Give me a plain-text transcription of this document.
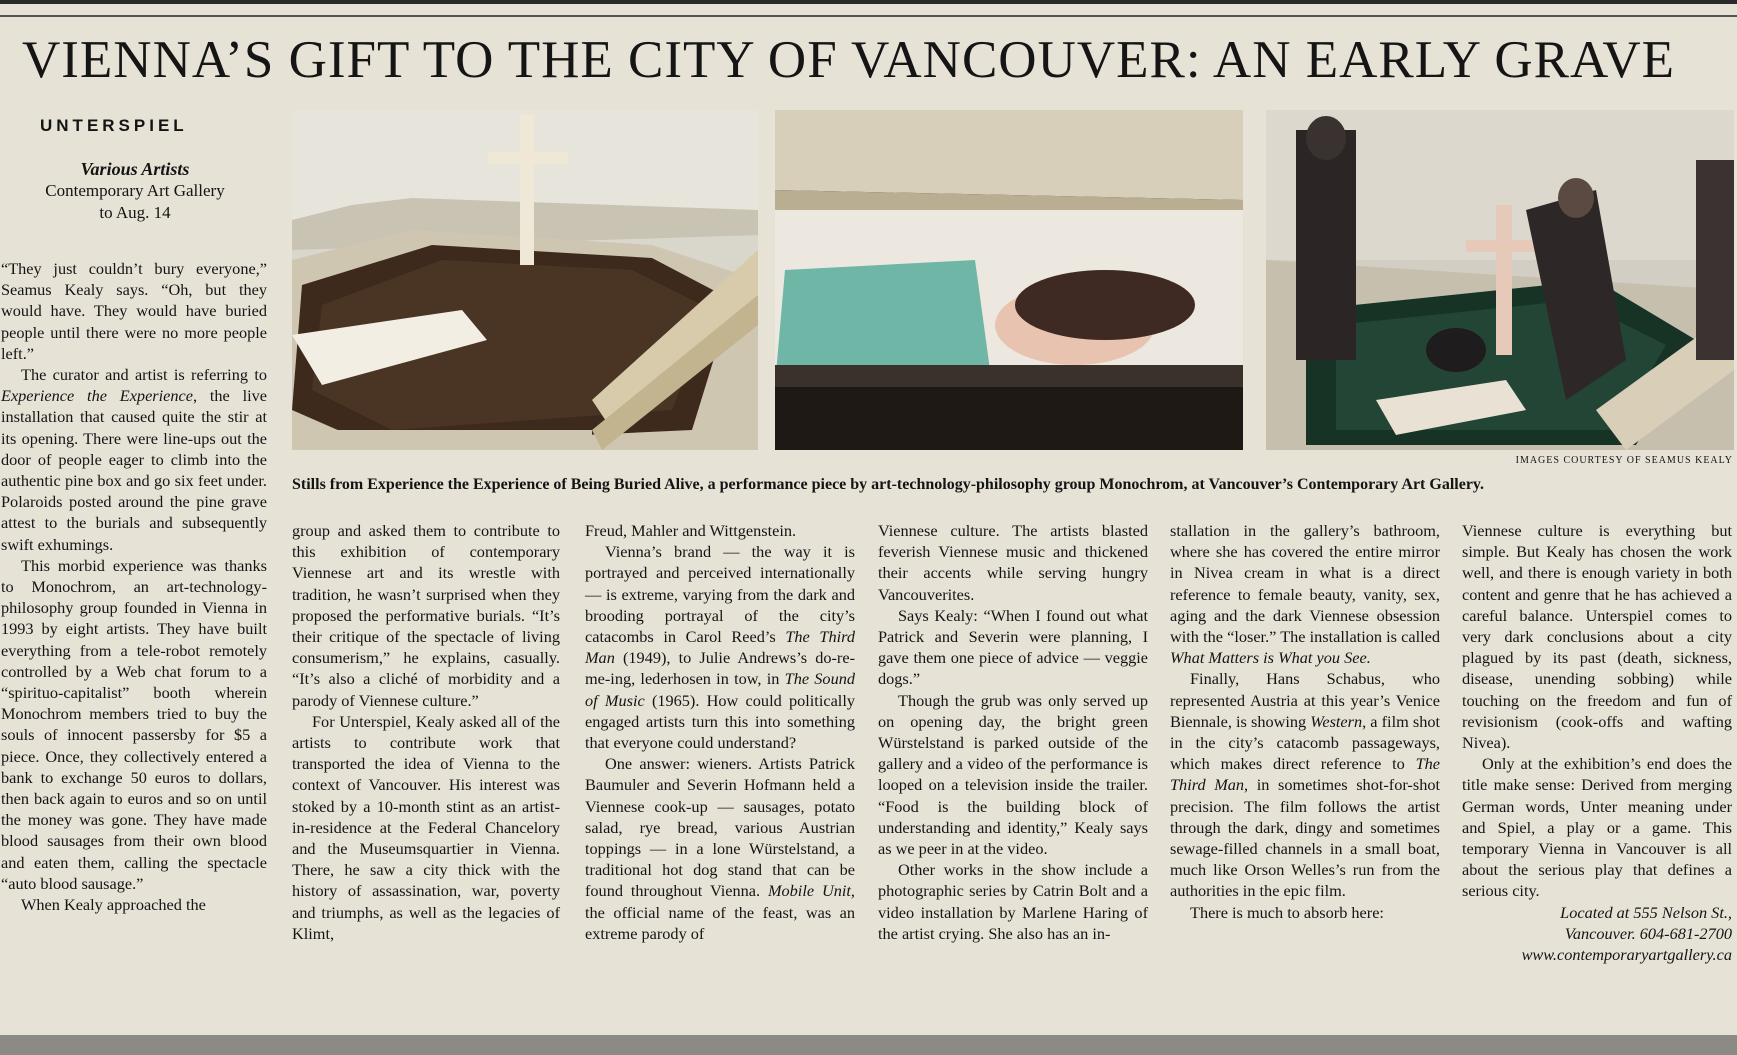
VIENNA’S GIFT TO THE CITY OF VANCOUVER: AN EARLY GRAVE
UNTERSPIEL
Various Artists
Contemporary Art Gallery
to Aug. 14
IMAGES COURTESY OF SEAMUS KEALY
Stills from Experience the Experience of Being Buried Alive, a performance piece by art-technology-philosophy group Monochrom, at Vancouver’s Contemporary Art Gallery.

“They just couldn’t bury everyone,” Seamus Kealy says. “Oh, but they would have. They would have buried people until there were no more people left.”

The curator and artist is referring to Experience the Experience, the live installation that caused quite the stir at its opening. There were line-ups out the door of people eager to climb into the authentic pine box and go six feet under. Polaroids posted around the pine grave attest to the burials and subsequently swift exhumings.

This morbid experience was thanks to Monochrom, an art-technology-philosophy group founded in Vienna in 1993 by eight artists. They have built everything from a tele-robot remotely controlled by a Web chat forum to a “spirituo-capitalist” booth wherein Monochrom members tried to buy the souls of innocent passersby for $5 a piece. Once, they collectively entered a bank to exchange 50 euros to dollars, then back again to euros and so on until the money was gone. They have made blood sausages from their own blood and eaten them, calling the spectacle “auto blood sausage.”

When Kealy approached the

group and asked them to contribute to this exhibition of contemporary Viennese art and its wrestle with tradition, he wasn’t surprised when they proposed the performative burials. “It’s their critique of the spectacle of living consumerism,” he explains, casually. “It’s also a cliché of morbidity and a parody of Viennese culture.”

For Unterspiel, Kealy asked all of the artists to contribute work that transported the idea of Vienna to the context of Vancouver. His interest was stoked by a 10-month stint as an artist-in-residence at the Federal Chancelory and the Museumsquartier in Vienna. There, he saw a city thick with the history of assassination, war, poverty and triumphs, as well as the legacies of Klimt,

Freud, Mahler and Wittgenstein.

Vienna’s brand — the way it is portrayed and perceived internationally — is extreme, varying from the dark and brooding portrayal of the city’s catacombs in Carol Reed’s The Third Man (1949), to Julie Andrews’s do-re-me-ing, lederhosen in tow, in The Sound of Music (1965). How could politically engaged artists turn this into something that everyone could understand?

One answer: wieners. Artists Patrick Baumuler and Severin Hofmann held a Viennese cook-up — sausages, potato salad, rye bread, various Austrian toppings — in a lone Würstelstand, a traditional hot dog stand that can be found throughout Vienna. Mobile Unit, the official name of the feast, was an extreme parody of

Viennese culture. The artists blasted feverish Viennese music and thickened their accents while serving hungry Vancouverites.

Says Kealy: “When I found out what Patrick and Severin were planning, I gave them one piece of advice — veggie dogs.”

Though the grub was only served up on opening day, the bright green Würstelstand is parked outside of the gallery and a video of the performance is looped on a television inside the trailer. “Food is the building block of understanding and identity,” Kealy says as we peer in at the video.

Other works in the show include a photographic series by Catrin Bolt and a video installation by Marlene Haring of the artist crying. She also has an in-

stallation in the gallery’s bathroom, where she has covered the entire mirror in Nivea cream in what is a direct reference to female beauty, vanity, sex, aging and the dark Viennese obsession with the “loser.” The installation is called What Matters is What you See.

Finally, Hans Schabus, who represented Austria at this year’s Venice Biennale, is showing Western, a film shot in the city’s catacomb passageways, which makes direct reference to The Third Man, in sometimes shot-for-shot precision. The film follows the artist through the dark, dingy and sometimes sewage-filled channels in a small boat, much like Orson Welles’s run from the authorities in the epic film.

There is much to absorb here:

Viennese culture is everything but simple. But Kealy has chosen the work well, and there is enough variety in both content and genre that he has achieved a careful balance. Unterspiel comes to very dark conclusions about a city plagued by its past (death, sickness, disease, unending sobbing) while touching on the freedom and fun of revisionism (cook-offs and wafting Nivea).

Only at the exhibition’s end does the title make sense: Derived from merging German words, Unter meaning under and Spiel, a play or a game. This temporary Vienna in Vancouver is all about the serious play that defines a serious city.

Located at 555 Nelson St.,

Vancouver. 604-681-2700

www.contemporaryartgallery.ca
